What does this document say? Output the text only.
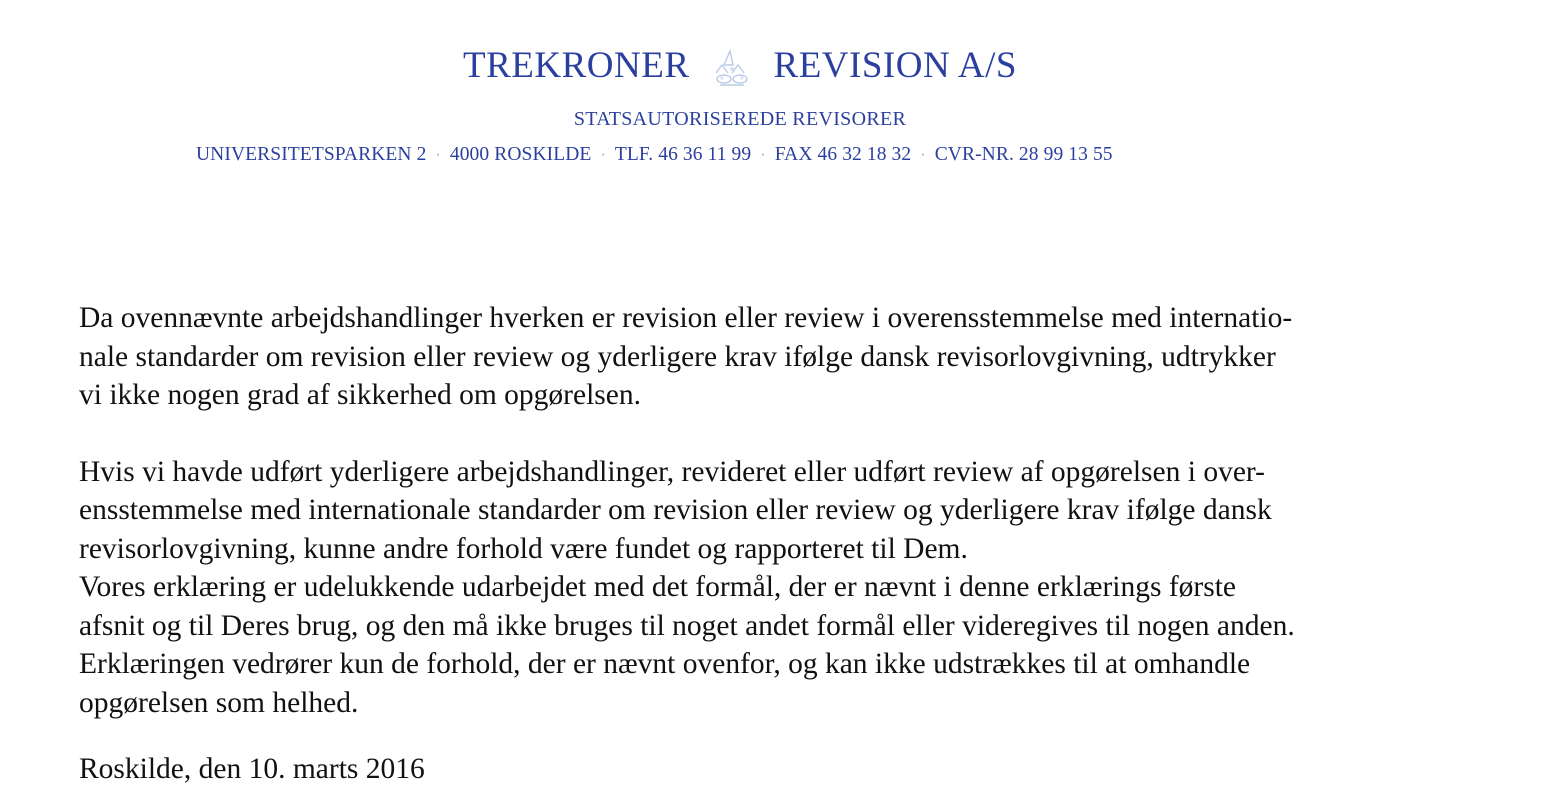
TREKRONER REVISION A/S
STATSAUTORISEREDE REVISORER
UNIVERSITETSPARKEN 2 · 4000 ROSKILDE · TLF. 46 36 11 99 · FAX 46 32 18 32 · CVR-NR. 28 99 13 55

Da ovennævnte arbejdshandlinger hverken er revision eller review i overensstemmelse med internatio-

nale standarder om revision eller review og yderligere krav ifølge dansk revisorlovgivning, udtrykker

vi ikke nogen grad af sikkerhed om opgørelsen.

Hvis vi havde udført yderligere arbejdshandlinger, revideret eller udført review af opgørelsen i over-

ensstemmelse med internationale standarder om revision eller review og yderligere krav ifølge dansk

revisorlovgivning, kunne andre forhold være fundet og rapporteret til Dem.

Vores erklæring er udelukkende udarbejdet med det formål, der er nævnt i denne erklærings første

afsnit og til Deres brug, og den må ikke bruges til noget andet formål eller videregives til nogen anden.

Erklæringen vedrører kun de forhold, der er nævnt ovenfor, og kan ikke udstrækkes til at omhandle

opgørelsen som helhed.

Roskilde, den 10. marts 2016
